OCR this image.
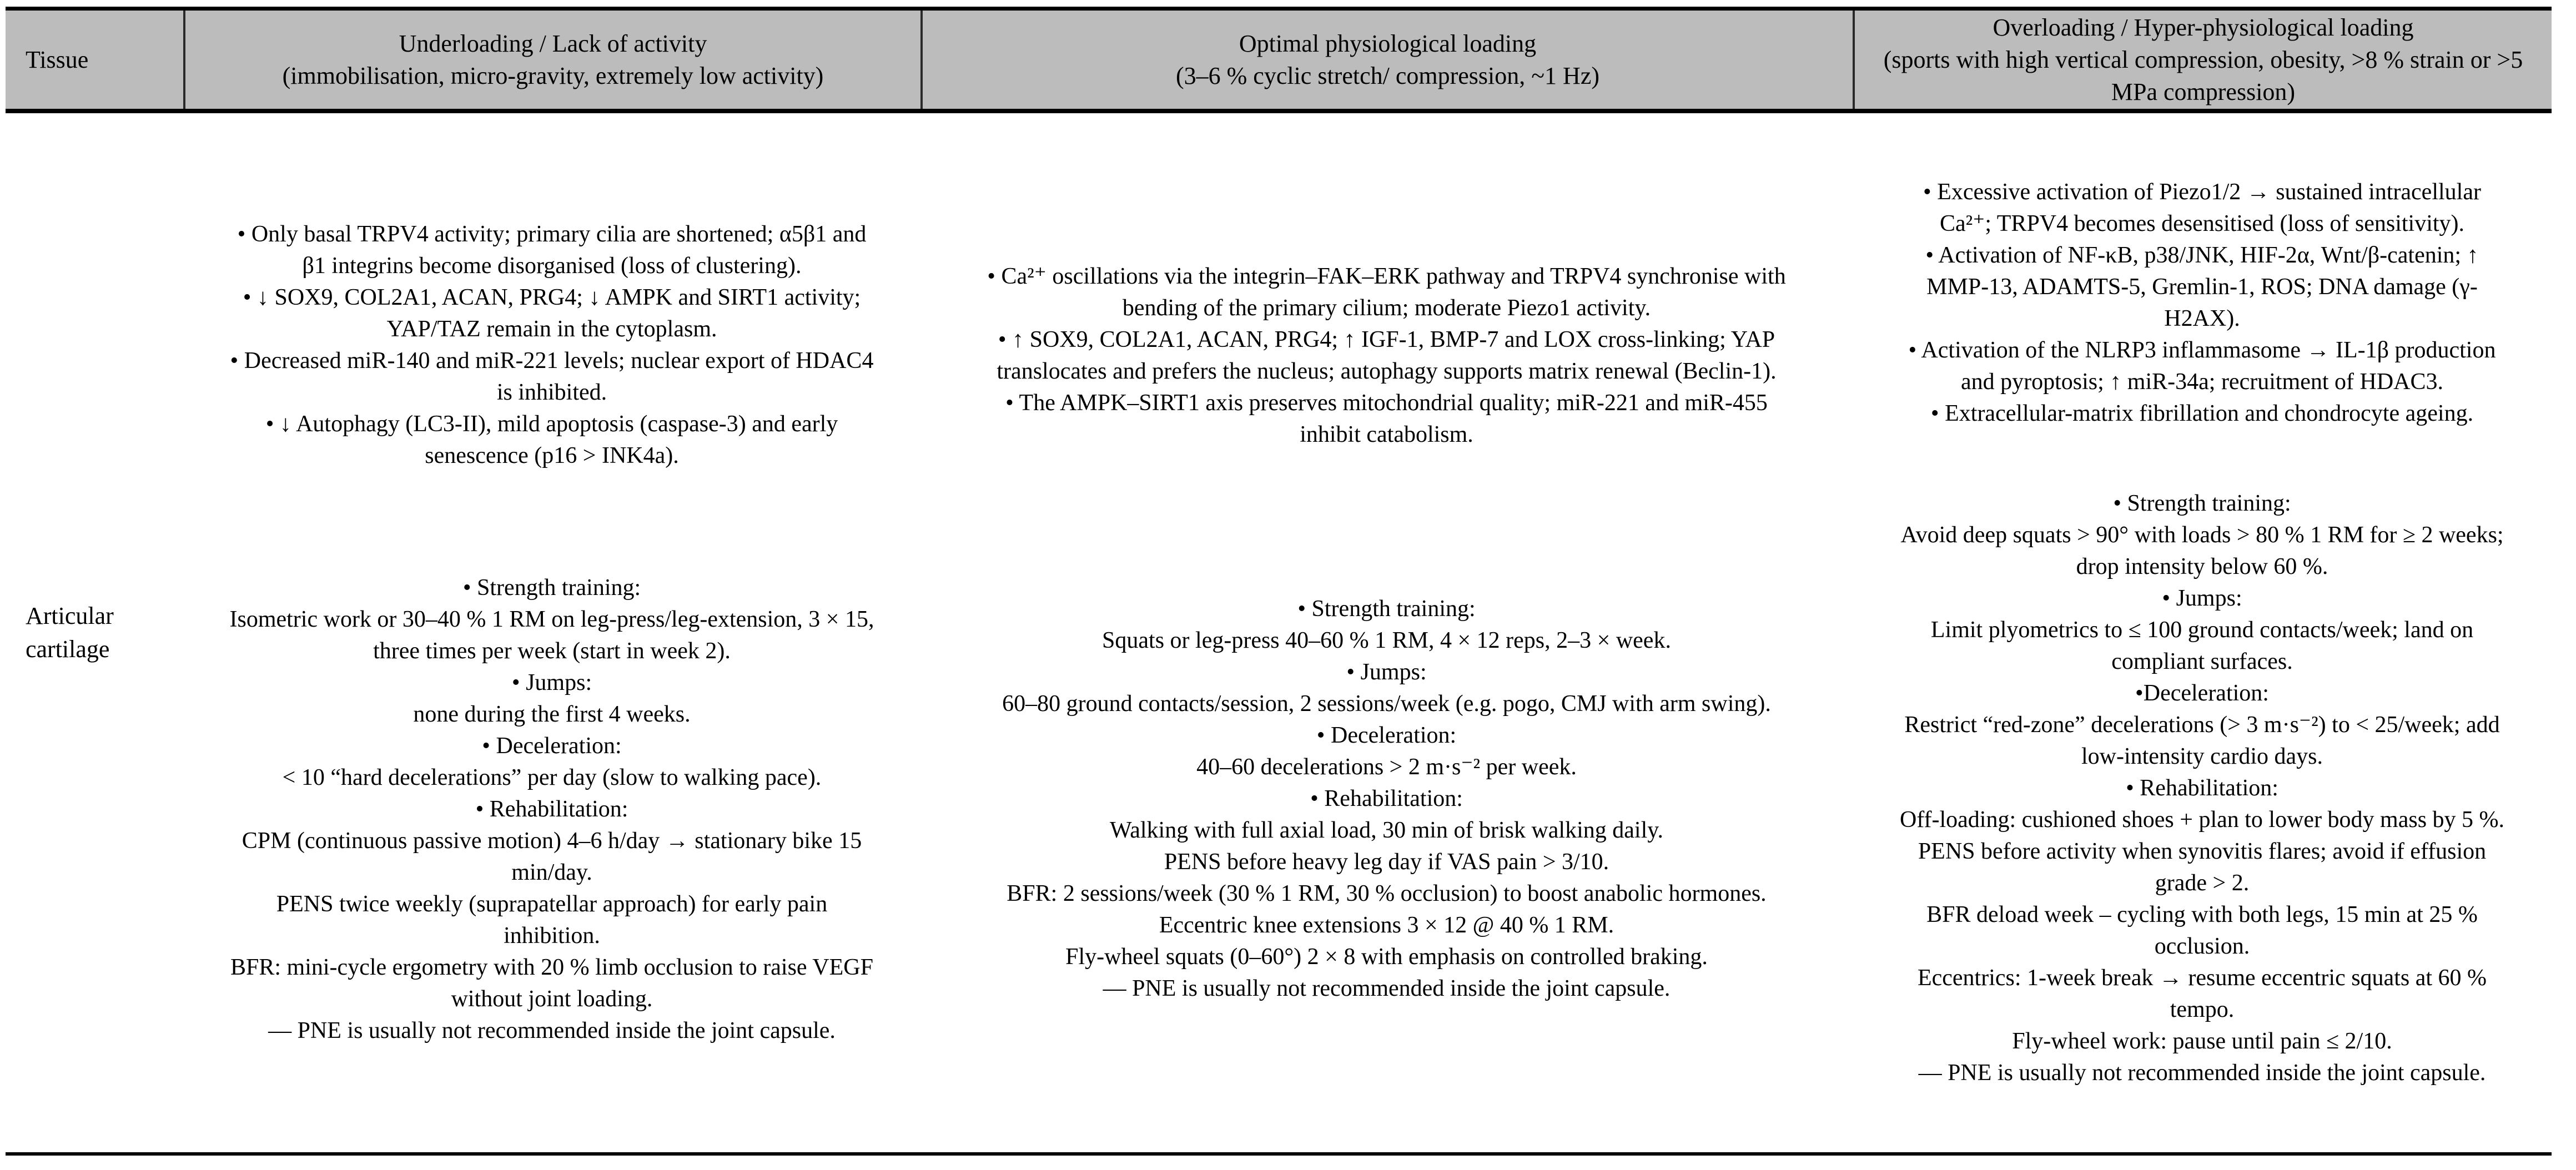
Tissue
Underloading / Lack of activity
(immobilisation, micro-gravity, extremely low activity)
Optimal physiological loading
(3–6 % cyclic stretch/ compression, ~1 Hz)
Overloading / Hyper-physiological loading
(sports with high vertical compression, obesity, >8 % strain or >5 MPa compression)
Articular cartilage

• Only basal TRPV4 activity; primary cilia are shortened; α5β1 and β1 integrins become disorganised (loss of clustering).

• ↓ SOX9, COL2A1, ACAN, PRG4; ↓ AMPK and SIRT1 activity; YAP/TAZ remain in the cytoplasm.

• Decreased miR-140 and miR-221 levels; nuclear export of HDAC4 is inhibited.

• ↓ Autophagy (LC3-II), mild apoptosis (caspase-3) and early senescence (p16 > INK4a).

• Strength training:

Isometric work or 30–40 % 1 RM on leg-press/leg-extension, 3 × 15, three times per week (start in week 2).

• Jumps:

none during the first 4 weeks.

• Deceleration:

< 10 “hard decelerations” per day (slow to walking pace).

• Rehabilitation:

CPM (continuous passive motion) 4–6 h/day → stationary bike 15 min/day.

PENS twice weekly (suprapatellar approach) for early pain inhibition.

BFR: mini-cycle ergometry with 20 % limb occlusion to raise VEGF without joint loading.

— PNE is usually not recommended inside the joint capsule.

• Ca²⁺ oscillations via the integrin–FAK–ERK pathway and TRPV4 synchronise with bending of the primary cilium; moderate Piezo1 activity.

• ↑ SOX9, COL2A1, ACAN, PRG4; ↑ IGF-1, BMP-7 and LOX cross-linking; YAP translocates and prefers the nucleus; autophagy supports matrix renewal (Beclin-1).

• The AMPK–SIRT1 axis preserves mitochondrial quality; miR-221 and miR-455 inhibit catabolism.

• Strength training:

Squats or leg-press 40–60 % 1 RM, 4 × 12 reps, 2–3 × week.

• Jumps:

60–80 ground contacts/session, 2 sessions/week (e.g. pogo, CMJ with arm swing).

• Deceleration:

40–60 decelerations > 2 m·s⁻² per week.

• Rehabilitation:

Walking with full axial load, 30 min of brisk walking daily.

PENS before heavy leg day if VAS pain > 3/10.

BFR: 2 sessions/week (30 % 1 RM, 30 % occlusion) to boost anabolic hormones.

Eccentric knee extensions 3 × 12 @ 40 % 1 RM.

Fly-wheel squats (0–60°) 2 × 8 with emphasis on controlled braking.

— PNE is usually not recommended inside the joint capsule.

• Excessive activation of Piezo1/2 → sustained intracellular Ca²⁺; TRPV4 becomes desensitised (loss of sensitivity).

• Activation of NF-κB, p38/JNK, HIF-2α, Wnt/β-catenin; ↑ MMP-13, ADAMTS-5, Gremlin-1, ROS; DNA damage (γ-H2AX).

• Activation of the NLRP3 inflammasome → IL-1β production and pyroptosis; ↑ miR-34a; recruitment of HDAC3.

• Extracellular-matrix fibrillation and chondrocyte ageing.

• Strength training:

Avoid deep squats > 90° with loads > 80 % 1 RM for ≥ 2 weeks; drop intensity below 60 %.

• Jumps:

Limit plyometrics to ≤ 100 ground contacts/week; land on compliant surfaces.

•Deceleration:

Restrict “red-zone” decelerations (> 3 m·s⁻²) to < 25/week; add low-intensity cardio days.

• Rehabilitation:

Off-loading: cushioned shoes + plan to lower body mass by 5 %.

PENS before activity when synovitis flares; avoid if effusion grade > 2.

BFR deload week – cycling with both legs, 15 min at 25 % occlusion.

Eccentrics: 1-week break → resume eccentric squats at 60 % tempo.

Fly-wheel work: pause until pain ≤ 2/10.

— PNE is usually not recommended inside the joint capsule.
